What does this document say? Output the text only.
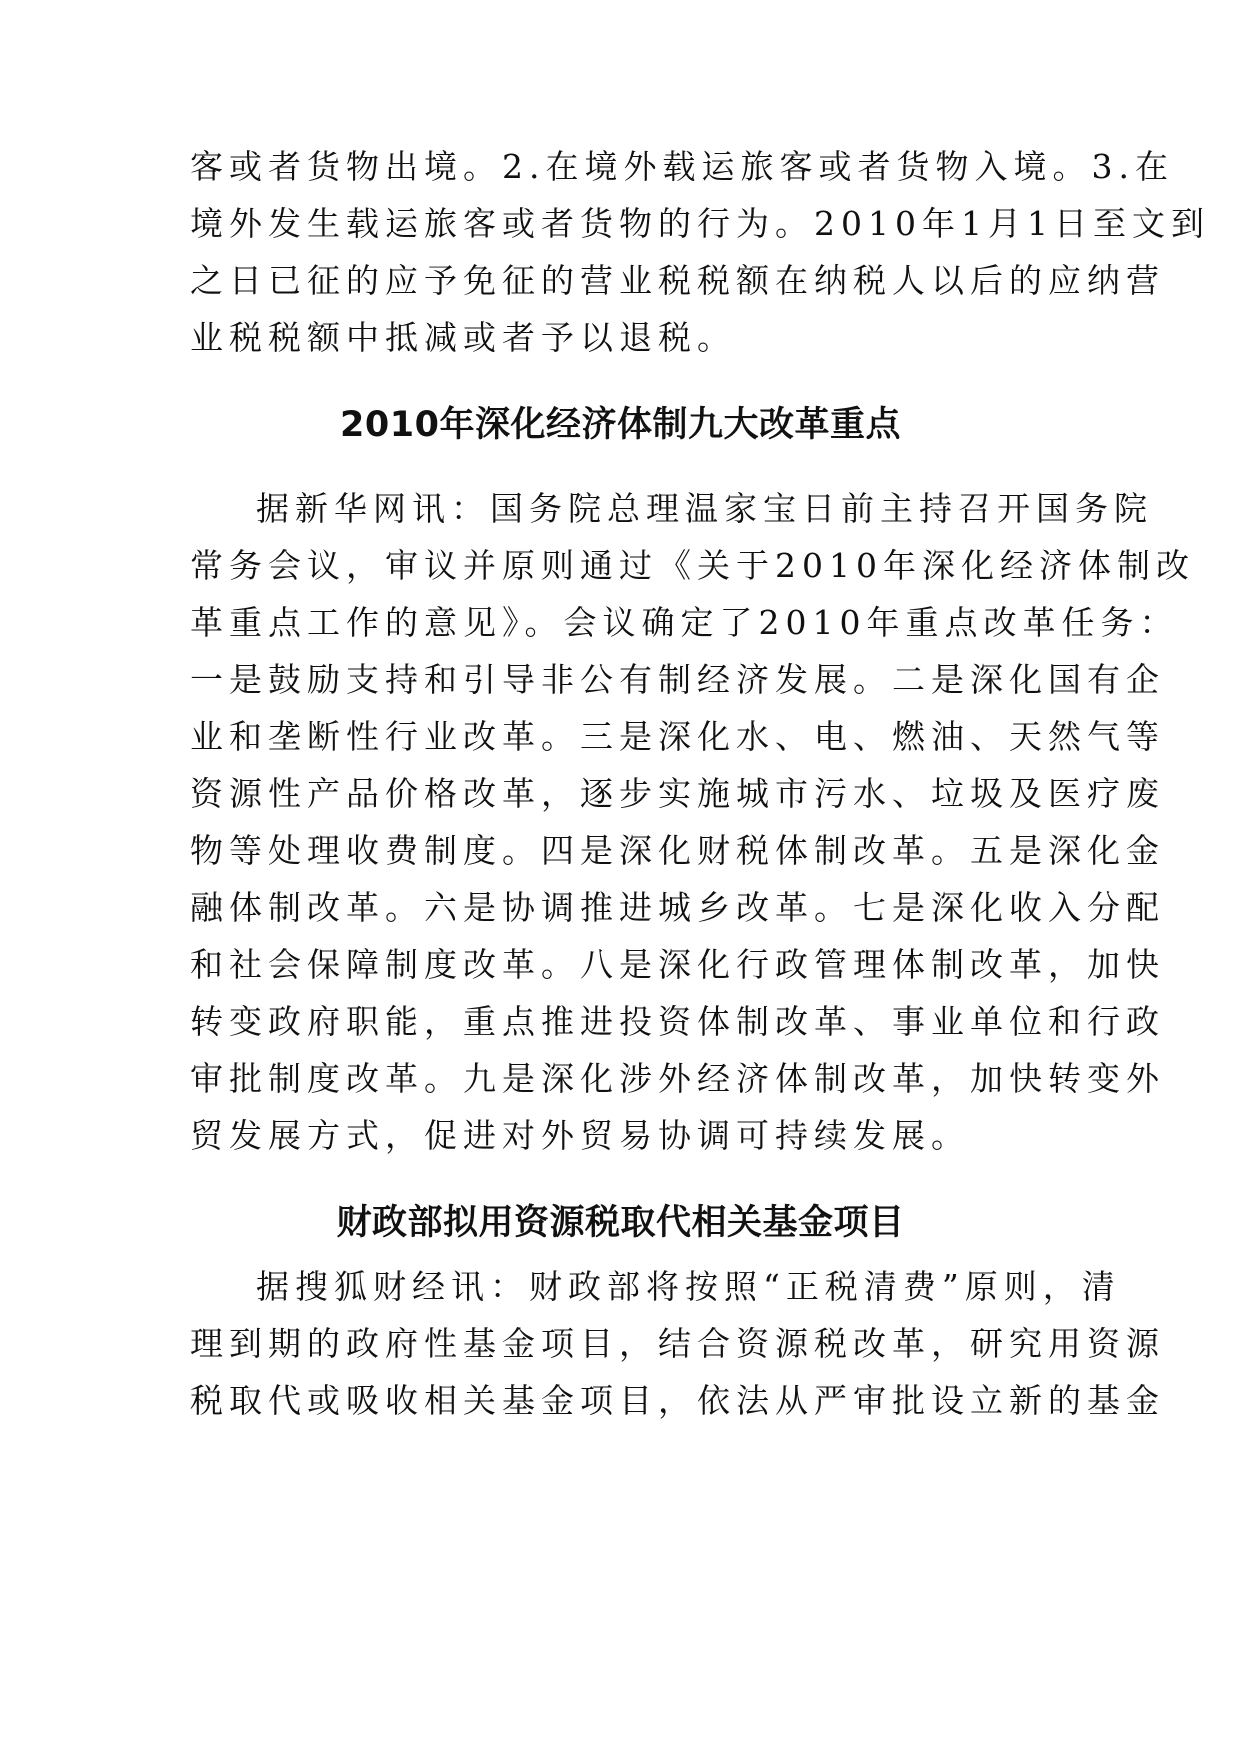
客或者货物出境。2.在境外载运旅客或者货物入境。3.在
境外发生载运旅客或者货物的行为。2010年1月1日至文到
之日已征的应予免征的营业税税额在纳税人以后的应纳营
业税税额中抵减或者予以退税。
2010年深化经济体制九大改革重点
据新华网讯：国务院总理温家宝日前主持召开国务院
常务会议，审议并原则通过《关于2010年深化经济体制改
革重点工作的意见》。会议确定了2010年重点改革任务：
一是鼓励支持和引导非公有制经济发展。二是深化国有企
业和垄断性行业改革。三是深化水、电、燃油、天然气等
资源性产品价格改革，逐步实施城市污水、垃圾及医疗废
物等处理收费制度。四是深化财税体制改革。五是深化金
融体制改革。六是协调推进城乡改革。七是深化收入分配
和社会保障制度改革。八是深化行政管理体制改革，加快
转变政府职能，重点推进投资体制改革、事业单位和行政
审批制度改革。九是深化涉外经济体制改革，加快转变外
贸发展方式，促进对外贸易协调可持续发展。
财政部拟用资源税取代相关基金项目
据搜狐财经讯：财政部将按照“正税清费”原则，清
理到期的政府性基金项目，结合资源税改革，研究用资源
税取代或吸收相关基金项目，依法从严审批设立新的基金
